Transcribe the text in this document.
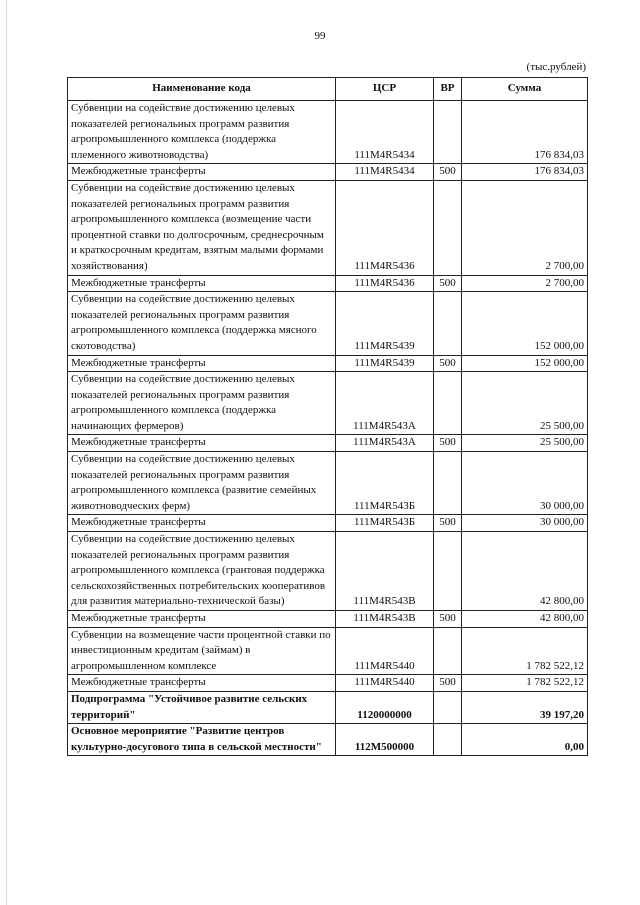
99
(тыс.рублей)
Наименование кода	ЦСР	ВР	Сумма
Субвенции на содействие достижению целевых показателей региональных программ развития агропромышленного комплекса (поддержка племенного животноводства)	111M4R5434		176 834,03
Межбюджетные трансферты	111M4R5434	500	176 834,03
Субвенции на содействие достижению целевых показателей региональных программ развития агропромышленного комплекса (возмещение части процентной ставки по долгосрочным, среднесрочным и краткосрочным кредитам, взятым малыми формами хозяйствования)	111M4R5436		2 700,00
Межбюджетные трансферты	111M4R5436	500	2 700,00
Субвенции на содействие достижению целевых показателей региональных программ развития агропромышленного комплекса (поддержка мясного скотоводства)	111M4R5439		152 000,00
Межбюджетные трансферты	111M4R5439	500	152 000,00
Субвенции на содействие достижению целевых показателей региональных программ развития агропромышленного комплекса (поддержка начинающих фермеров)	111M4R543A		25 500,00
Межбюджетные трансферты	111M4R543A	500	25 500,00
Субвенции на содействие достижению целевых показателей региональных программ развития агропромышленного комплекса (развитие семейных животноводческих ферм)	111M4R543Б		30 000,00
Межбюджетные трансферты	111M4R543Б	500	30 000,00
Субвенции на содействие достижению целевых показателей региональных программ развития агропромышленного комплекса (грантовая поддержка сельскохозяйственных потребительских кооперативов для развития материально-технической базы)	111M4R543В		42 800,00
Межбюджетные трансферты	111M4R543В	500	42 800,00
Субвенции на возмещение части процентной ставки по инвестиционным кредитам (займам) в агропромышленном комплексе	111M4R5440		1 782 522,12
Межбюджетные трансферты	111M4R5440	500	1 782 522,12
Подпрограмма "Устойчивое развитие сельских территорий"	1120000000		39 197,20
Основное мероприятие "Развитие центров культурно-досугового типа в сельской местности"	112M500000		0,00
